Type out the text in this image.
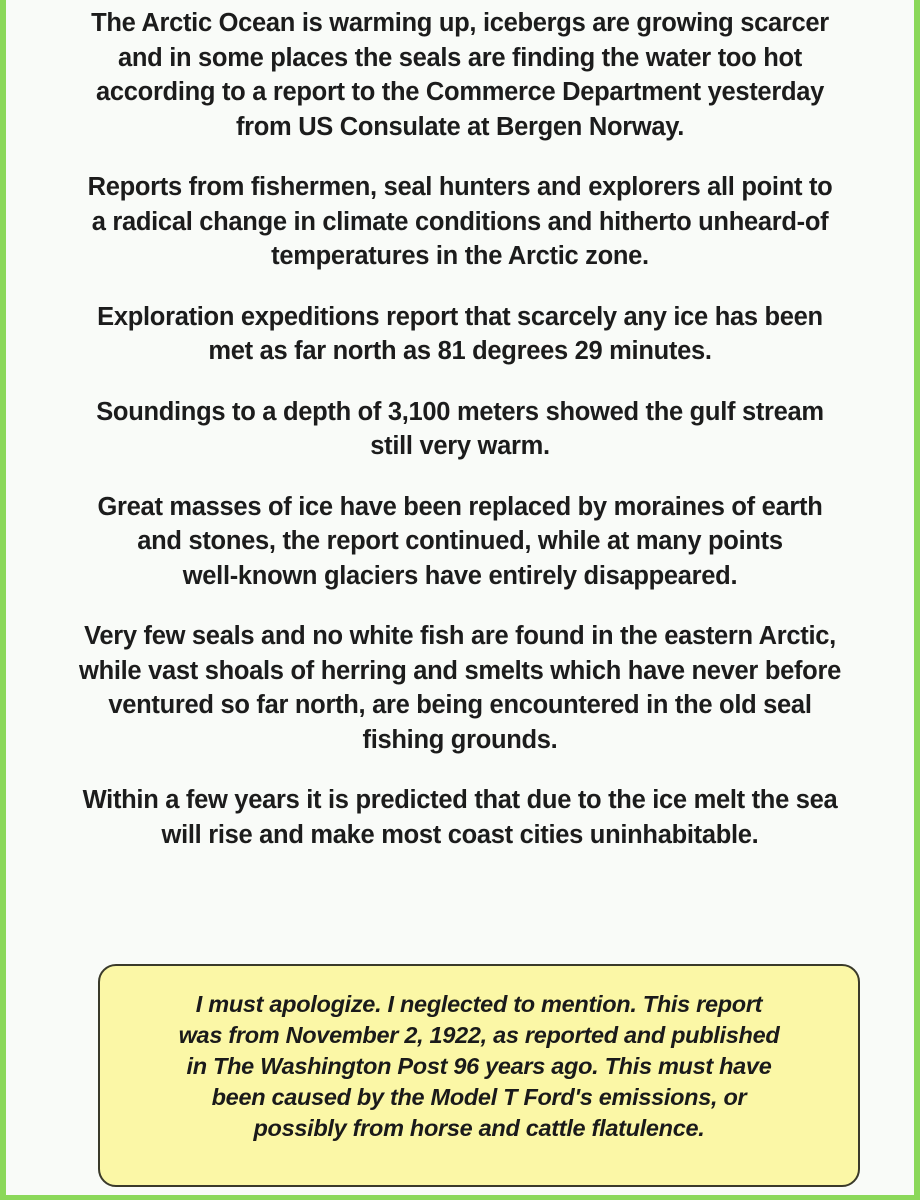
The Arctic Ocean is warming up, icebergs are growing scarcer
and in some places the seals are finding the water too hot
according to a report to the Commerce Department yesterday
from US Consulate at Bergen Norway.

Reports from fishermen, seal hunters and explorers all point to
a radical change in climate conditions and hitherto unheard-of
temperatures in the Arctic zone.

Exploration expeditions report that scarcely any ice has been
met as far north as 81 degrees 29 minutes.

Soundings to a depth of 3,100 meters showed the gulf stream
still very warm.

Great masses of ice have been replaced by moraines of earth
and stones, the report continued, while at many points
well-known glaciers have entirely disappeared.

Very few seals and no white fish are found in the eastern Arctic,
while vast shoals of herring and smelts which have never before
ventured so far north, are being encountered in the old seal
fishing grounds.

Within a few years it is predicted that due to the ice melt the sea
will rise and make most coast cities uninhabitable.

I must apologize. I neglected to mention. This report
was from November 2, 1922, as reported and published
in The Washington Post 96 years ago. This must have
been caused by the Model T Ford's emissions, or
possibly from horse and cattle flatulence.
